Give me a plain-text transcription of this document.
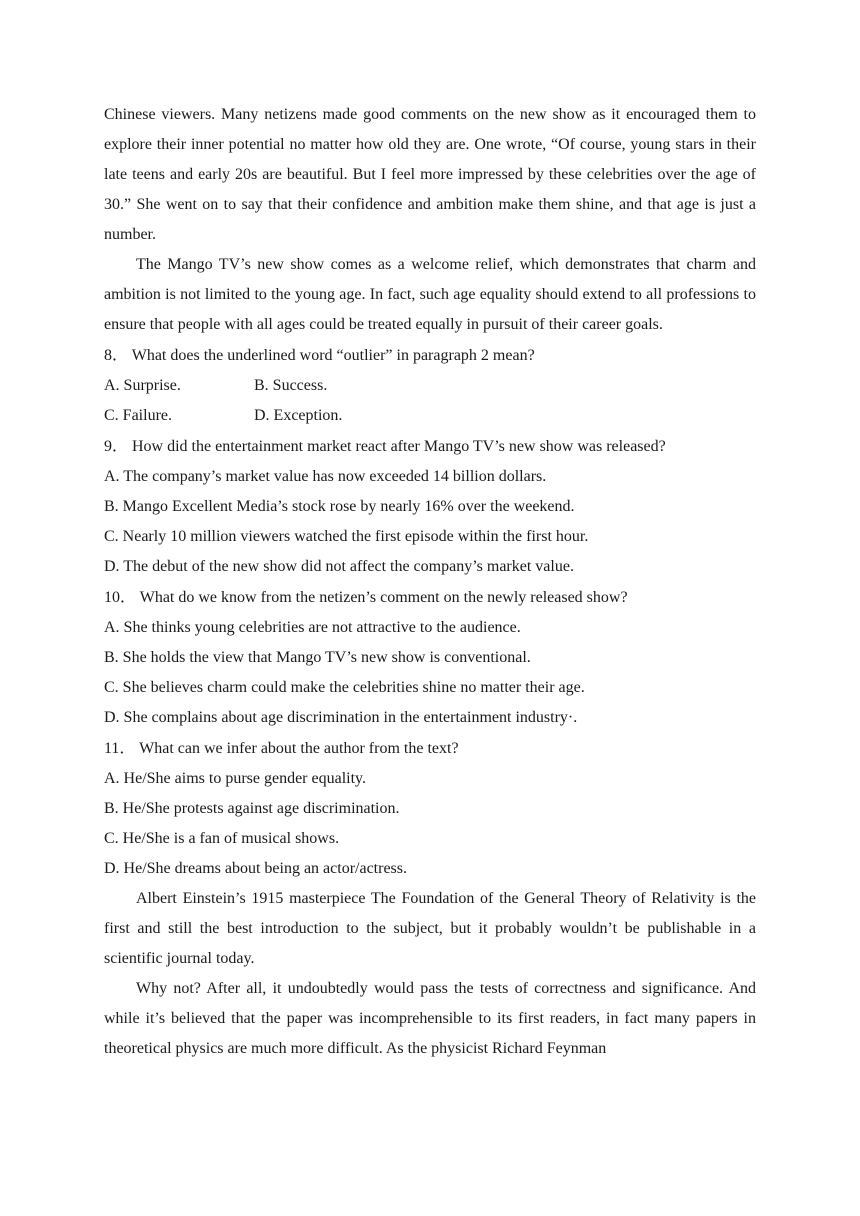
Chinese viewers. Many netizens made good comments on the new show as it encouraged them to explore their inner potential no matter how old they are. One wrote, “Of course, young stars in their late teens and early 20s are beautiful. But I feel more impressed by these celebrities over the age of 30.” She went on to say that their confidence and ambition make them shine, and that age is just a number.

The Mango TV’s new show comes as a welcome relief, which demonstrates that charm and ambition is not limited to the young age. In fact, such age equality should extend to all professions to ensure that people with all ages could be treated equally in pursuit of their career goals.

8． What does the underlined word “outlier” in paragraph 2 mean?

A. Surprise.	B. Success.

C. Failure.	D. Exception.

9． How did the entertainment market react after Mango TV’s new show was released?

A. The company’s market value has now exceeded 14 billion dollars.

B. Mango Excellent Media’s stock rose by nearly 16% over the weekend.

C. Nearly 10 million viewers watched the first episode within the first hour.

D. The debut of the new show did not affect the company’s market value.

10． What do we know from the netizen’s comment on the newly released show?

A. She thinks young celebrities are not attractive to the audience.

B. She holds the view that Mango TV’s new show is conventional.

C. She believes charm could make the celebrities shine no matter their age.

D. She complains about age discrimination in the entertainment industry·.

11． What can we infer about the author from the text?

A. He/She aims to purse gender equality.

B. He/She protests against age discrimination.

C. He/She is a fan of musical shows.

D. He/She dreams about being an actor/actress.

Albert Einstein’s 1915 masterpiece The Foundation of the General Theory of Relativity is the first and still the best introduction to the subject, but it probably wouldn’t be publishable in a scientific journal today.

Why not? After all, it undoubtedly would pass the tests of correctness and significance. And while it’s believed that the paper was incomprehensible to its first readers, in fact many papers in theoretical physics are much more difficult. As the physicist Richard Feynman
